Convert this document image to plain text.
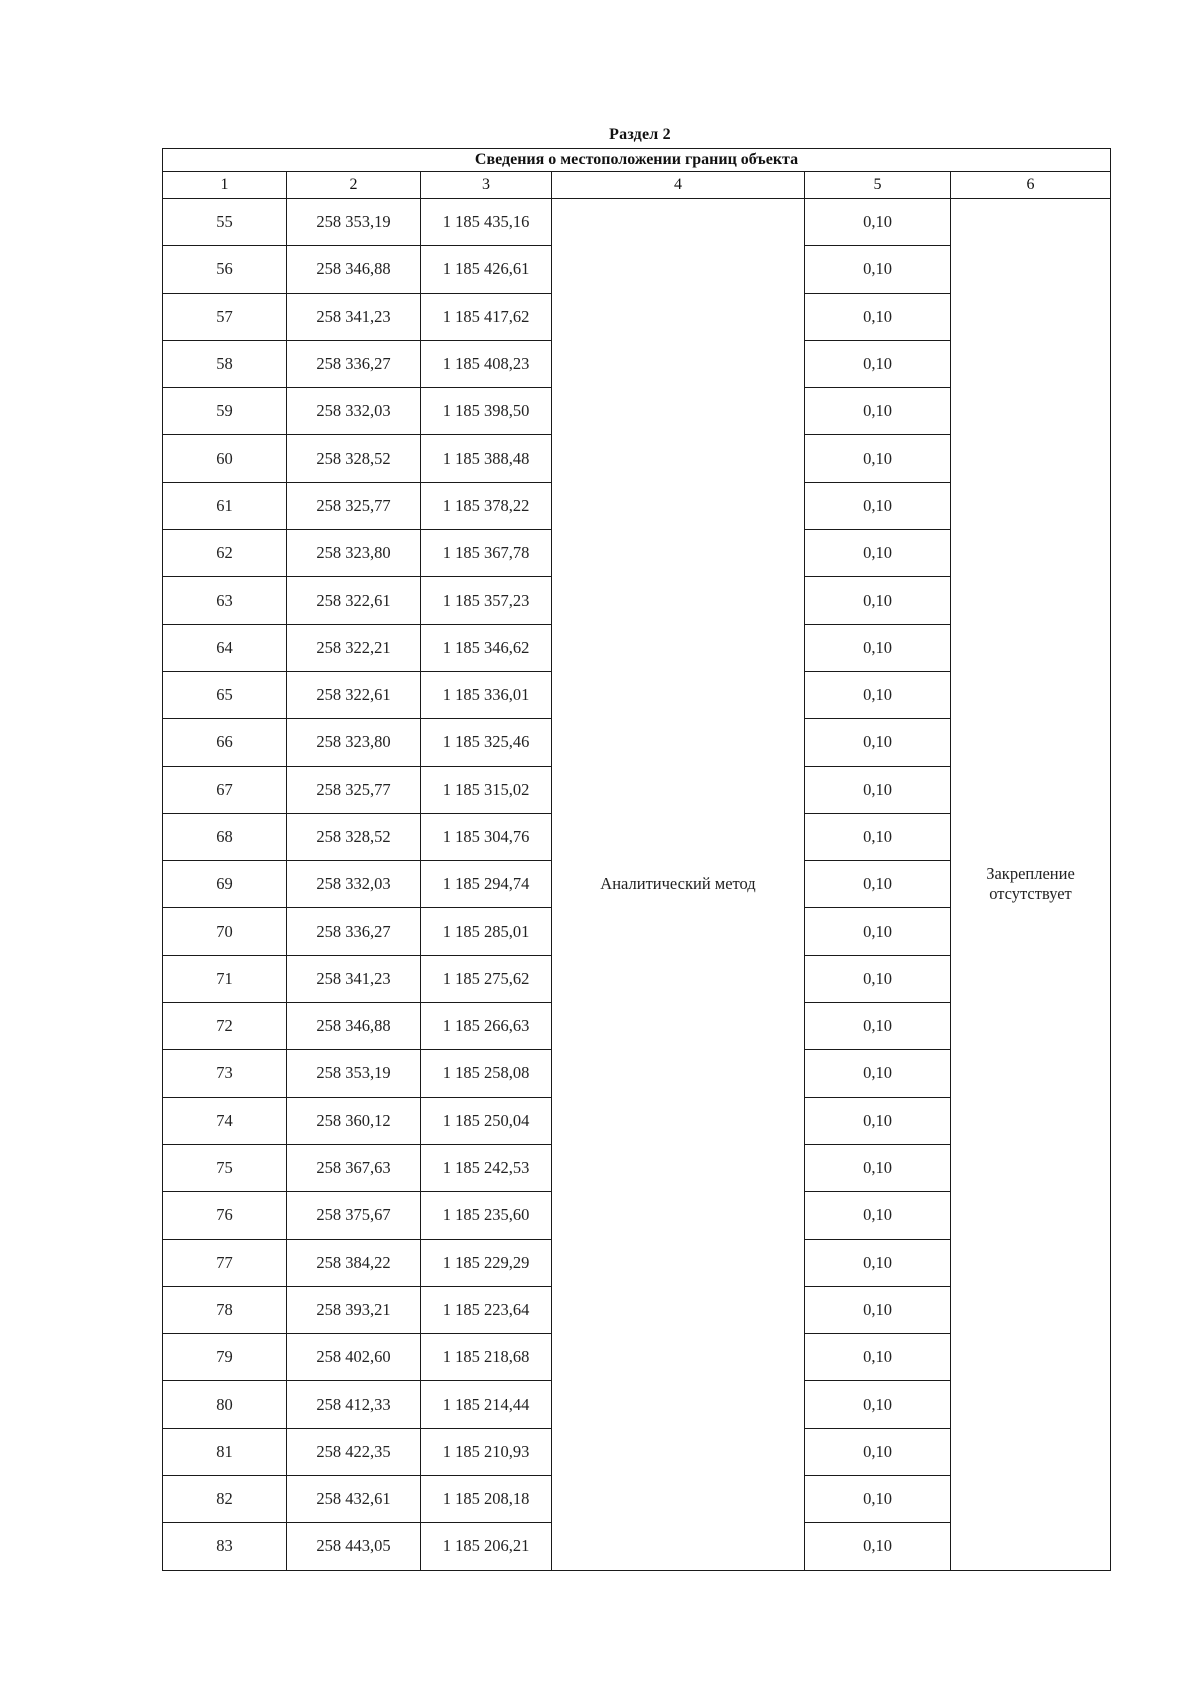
Раздел 2
Сведения о местоположении границ объекта					
1	2	3	4	5	6
55	258 353,19	1 185 435,16	Аналитический метод	0,10	Закрепление
отсутствует

56	258 346,88	1 185 426,61		0,10	
57	258 341,23	1 185 417,62		0,10	
58	258 336,27	1 185 408,23		0,10	
59	258 332,03	1 185 398,50		0,10	
60	258 328,52	1 185 388,48		0,10	
61	258 325,77	1 185 378,22		0,10	
62	258 323,80	1 185 367,78		0,10	
63	258 322,61	1 185 357,23		0,10	
64	258 322,21	1 185 346,62		0,10	
65	258 322,61	1 185 336,01		0,10	
66	258 323,80	1 185 325,46		0,10	
67	258 325,77	1 185 315,02		0,10	
68	258 328,52	1 185 304,76		0,10	
69	258 332,03	1 185 294,74		0,10	
70	258 336,27	1 185 285,01		0,10	
71	258 341,23	1 185 275,62		0,10	
72	258 346,88	1 185 266,63		0,10	
73	258 353,19	1 185 258,08		0,10	
74	258 360,12	1 185 250,04		0,10	
75	258 367,63	1 185 242,53		0,10	
76	258 375,67	1 185 235,60		0,10	
77	258 384,22	1 185 229,29		0,10	
78	258 393,21	1 185 223,64		0,10	
79	258 402,60	1 185 218,68		0,10	
80	258 412,33	1 185 214,44		0,10	
81	258 422,35	1 185 210,93		0,10	
82	258 432,61	1 185 208,18		0,10	
83	258 443,05	1 185 206,21		0,10	
